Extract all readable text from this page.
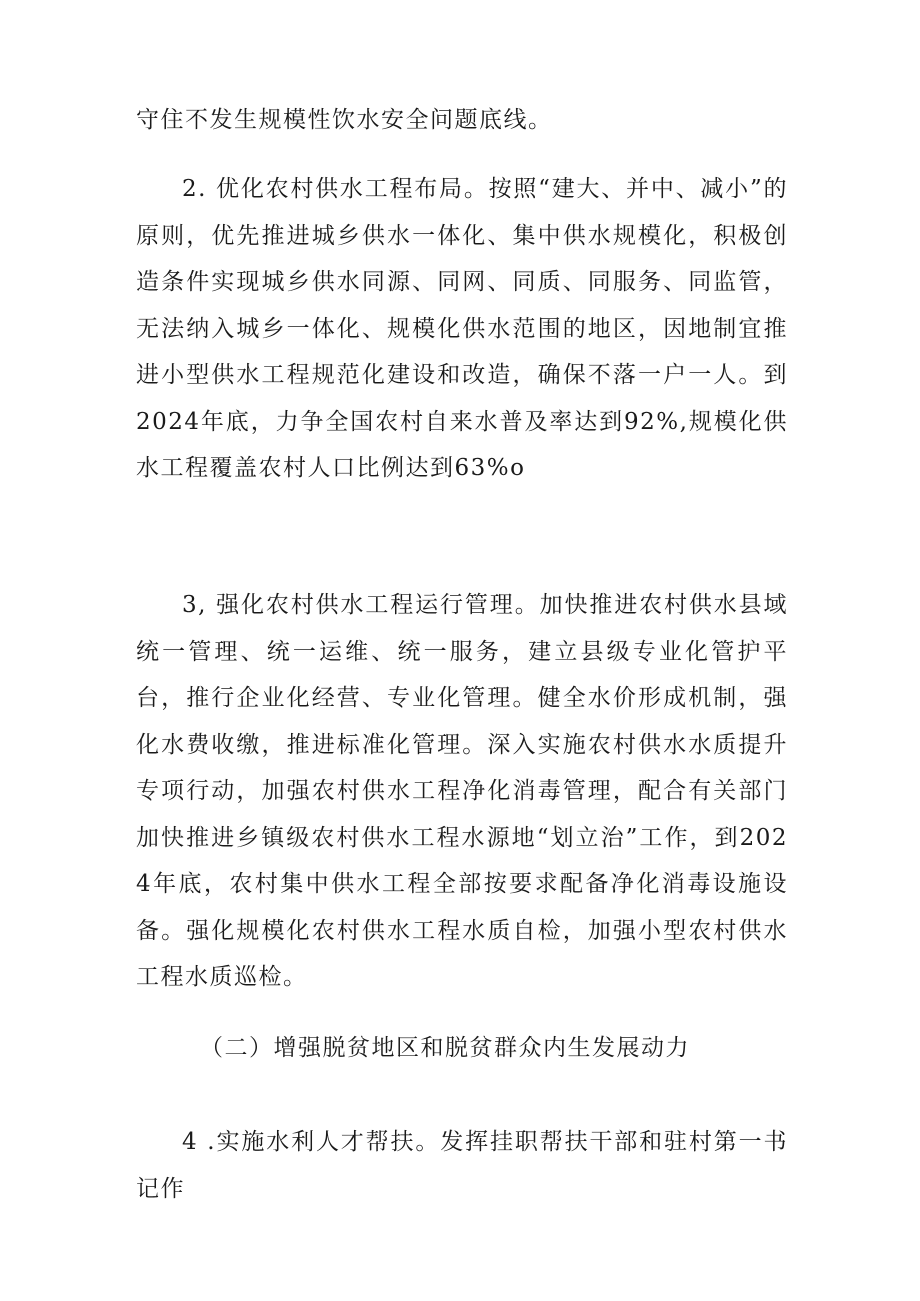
守住不发生规模性饮水安全问题底线。

2. 优化农村供水工程布局。按照“建大、并中、减小”的原则，优先推进城乡供水一体化、集中供水规模化，积极创造条件实现城乡供水同源、同网、同质、同服务、同监管，无法纳入城乡一体化、规模化供水范围的地区，因地制宜推进小型供水工程规范化建设和改造，确保不落一户一人。到2024年底，力争全国农村自来水普及率达到92%,规模化供水工程覆盖农村人口比例达到63%o

3, 强化农村供水工程运行管理。加快推进农村供水县域统一管理、统一运维、统一服务，建立县级专业化管护平台，推行企业化经营、专业化管理。健全水价形成机制，强化水费收缴，推进标准化管理。深入实施农村供水水质提升专项行动，加强农村供水工程净化消毒管理，配合有关部门加快推进乡镇级农村供水工程水源地“划立治”工作，到2024年底，农村集中供水工程全部按要求配备净化消毒设施设备。强化规模化农村供水工程水质自检，加强小型农村供水工程水质巡检。

（二）增强脱贫地区和脱贫群众内生发展动力

4 .实施水利人才帮扶。发挥挂职帮扶干部和驻村第一书记作
